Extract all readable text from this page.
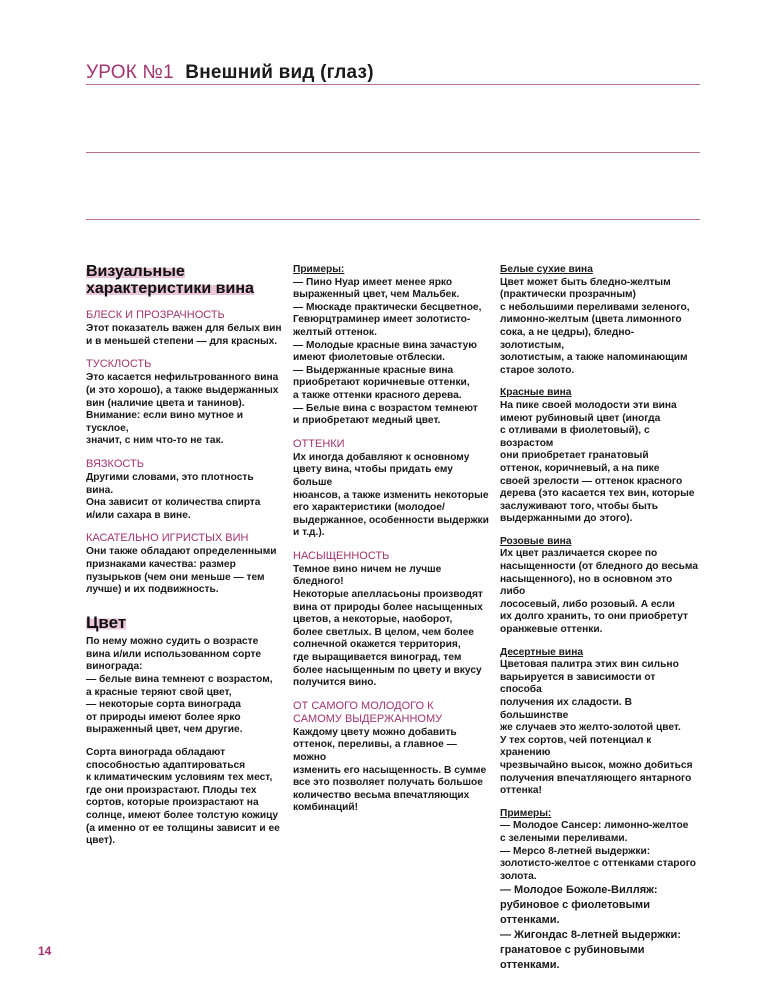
УРОК №1 Внешний вид (глаз)
Визуальные
характеристики вина
БЛЕСК И ПРОЗРАЧНОСТЬ
Этот показатель важен для белых вин
и в меньшей степени — для красных.
ТУСКЛОСТЬ
Это касается нефильтрованного вина
(и это хорошо), а также выдержанных
вин (наличие цвета и танинов).
Внимание: если вино мутное и тусклое,
значит, с ним что-то не так.
ВЯЗКОСТЬ
Другими словами, это плотность вина.
Она зависит от количества спирта
и/или сахара в вине.
КАСАТЕЛЬНО ИГРИСТЫХ ВИН
Они также обладают определенными
признаками качества: размер
пузырьков (чем они меньше — тем
лучше) и их подвижность.
Цвет
По нему можно судить о возрасте
вина и/или использованном сорте
винограда:
— белые вина темнеют с возрастом,
а красные теряют свой цвет,
— некоторые сорта винограда
от природы имеют более ярко
выраженный цвет, чем другие.
Сорта винограда обладают
способностью адаптироваться
к климатическим условиям тех мест,
где они произрастают. Плоды тех
сортов, которые произрастают на
солнце, имеют более толстую кожицу
(а именно от ее толщины зависит и ее
цвет).
Примеры:
— Пино Нуар имеет менее ярко
выраженный цвет, чем Мальбек.
— Мюскаде практически бесцветное,
Гевюрцтраминер имеет золотисто-
желтый оттенок.
— Молодые красные вина зачастую
имеют фиолетовые отблески.
— Выдержанные красные вина
приобретают коричневые оттенки,
а также оттенки красного дерева.
— Белые вина с возрастом темнеют
и приобретают медный цвет.
ОТТЕНКИ
Их иногда добавляют к основному
цвету вина, чтобы придать ему больше
нюансов, а также изменить некоторые
его характеристики (молодое/
выдержанное, особенности выдержки
и т.д.).
НАСЫЩЕННОСТЬ
Темное вино ничем не лучше бледного!
Некоторые апелласьоны производят
вина от природы более насыщенных
цветов, а некоторые, наоборот,
более светлых. В целом, чем более
солнечной окажется территория,
где выращивается виноград, тем
более насыщенным по цвету и вкусу
получится вино.
ОТ САМОГО МОЛОДОГО К
САМОМУ ВЫДЕРЖАННОМУ
Каждому цвету можно добавить
оттенок, переливы, а главное — можно
изменить его насыщенность. В сумме
все это позволяет получать большое
количество весьма впечатляющих
комбинаций!
Белые сухие вина
Цвет может быть бледно-желтым
(практически прозрачным)
с небольшими переливами зеленого,
лимонно-желтым (цвета лимонного
сока, а не цедры), бледно-золотистым,
золотистым, а также напоминающим
старое золото.
Красные вина
На пике своей молодости эти вина
имеют рубиновый цвет (иногда
с отливами в фиолетовый), с возрастом
они приобретает гранатовый
оттенок, коричневый, а на пике
своей зрелости — оттенок красного
дерева (это касается тех вин, которые
заслуживают того, чтобы быть
выдержанными до этого).
Розовые вина
Их цвет различается скорее по
насыщенности (от бледного до весьма
насыщенного), но в основном это либо
лососевый, либо розовый. А если
их долго хранить, то они приобретут
оранжевые оттенки.
Десертные вина
Цветовая палитра этих вин сильно
варьируется в зависимости от способа
получения их сладости. В большинстве
же случаев это желто-золотой цвет.
У тех сортов, чей потенциал к хранению
чрезвычайно высок, можно добиться
получения впечатляющего янтарного
оттенка!
Примеры:
— Молодое Сансер: лимонно-желтое
с зелеными переливами.
— Мерсо 8-летней выдержки:
золотисто-желтое с оттенками старого
золота.
— Молодое Божоле-Вилляж:
рубиновое с фиолетовыми
оттенками.
— Жигондас 8-летней выдержки:
гранатовое с рубиновыми
оттенками.
14
